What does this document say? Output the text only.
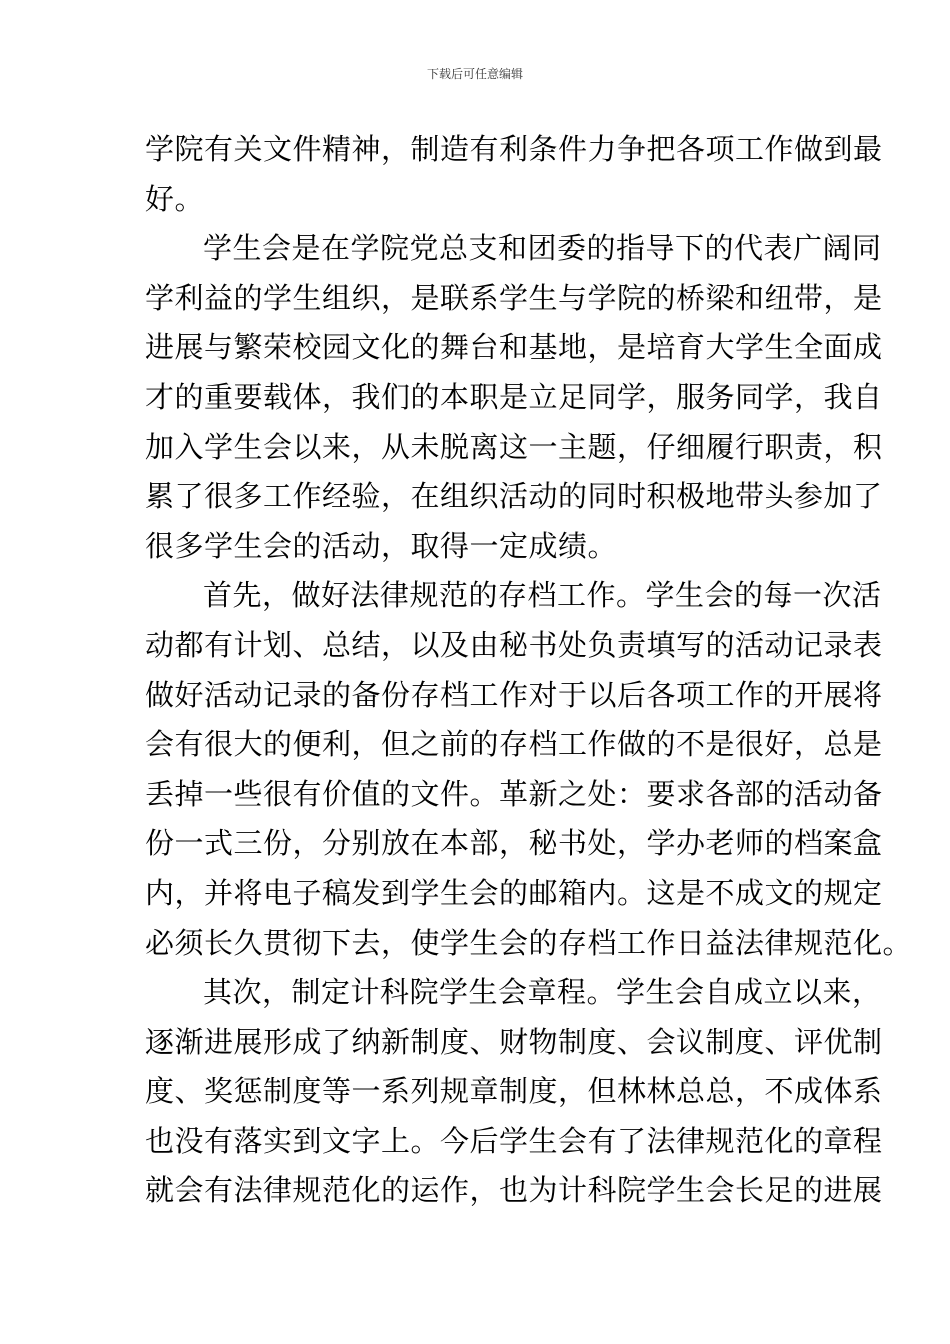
下载后可任意编辑
学院有关文件精神，制造有利条件力争把各项工作做到最
好。
学生会是在学院党总支和团委的指导下的代表广阔同
学利益的学生组织，是联系学生与学院的桥梁和纽带，是
进展与繁荣校园文化的舞台和基地，是培育大学生全面成
才的重要载体，我们的本职是立足同学，服务同学，我自
加入学生会以来，从未脱离这一主题，仔细履行职责，积
累了很多工作经验，在组织活动的同时积极地带头参加了
很多学生会的活动，取得一定成绩。
首先，做好法律规范的存档工作。学生会的每一次活
动都有计划、总结，以及由秘书处负责填写的活动记录表
做好活动记录的备份存档工作对于以后各项工作的开展将
会有很大的便利，但之前的存档工作做的不是很好，总是
丢掉一些很有价值的文件。革新之处：要求各部的活动备
份一式三份，分别放在本部，秘书处，学办老师的档案盒
内，并将电子稿发到学生会的邮箱内。这是不成文的规定
必须长久贯彻下去，使学生会的存档工作日益法律规范化。
其次，制定计科院学生会章程。学生会自成立以来，
逐渐进展形成了纳新制度、财物制度、会议制度、评优制
度、奖惩制度等一系列规章制度，但林林总总，不成体系
也没有落实到文字上。今后学生会有了法律规范化的章程
就会有法律规范化的运作，也为计科院学生会长足的进展
